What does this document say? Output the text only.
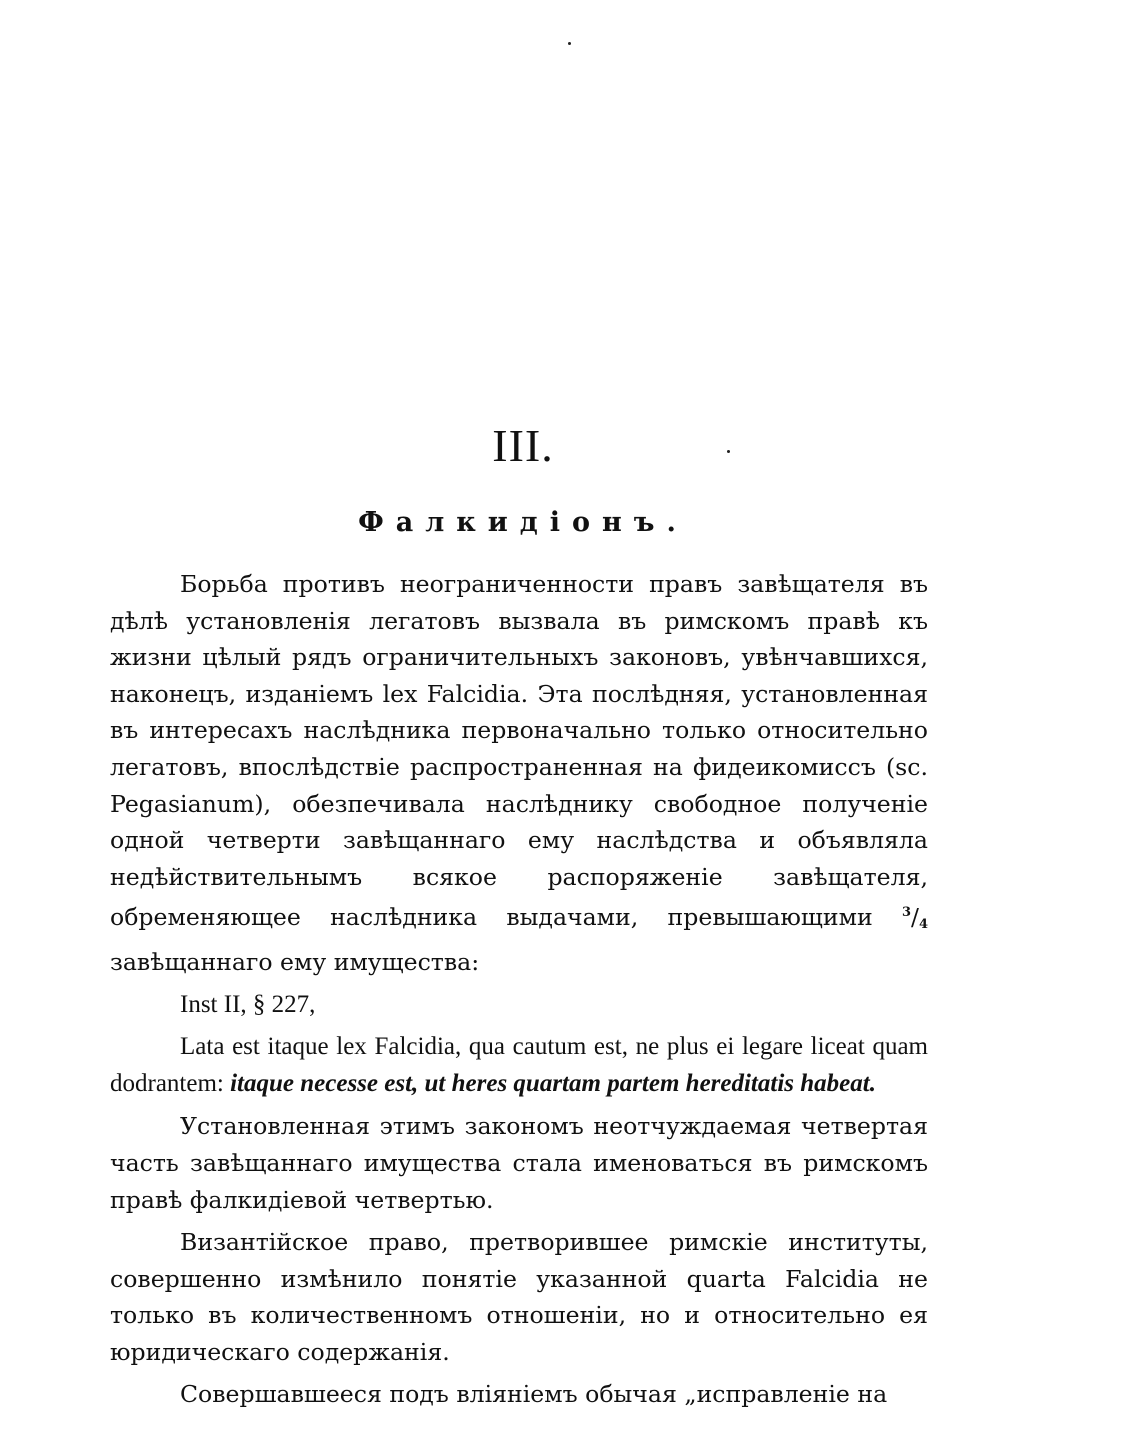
III.
Фалкидіонъ.

Борьба противъ неограниченности правъ завѣщателя въ дѣлѣ установленія легатовъ вызвала въ римскомъ правѣ къ жизни цѣлый рядъ ограничительныхъ законовъ, увѣнчавшихся, наконецъ, изданіемъ lex Falcidia. Эта послѣдняя, установленная въ интересахъ наслѣдника первоначально только относительно легатовъ, впослѣдствіе распространенная на фидеикомиссъ (sc. Pegasianum), обезпечивала наслѣднику свободное полученіе одной четверти завѣщаннаго ему наслѣдства и объявляла недѣйствительнымъ всякое распоряженіе завѣщателя, обременяющее наслѣдника выдачами, превышающими $^3/_4$ завѣщаннаго ему имущества:

Inst II, § 227,

Lata est itaque lex Falcidia, qua cautum est, ne plus ei legare liceat quam dodrantem: itaque necesse est, ut heres quartam partem hereditatis habeat.

Установленная этимъ закономъ неотчуждаемая четвертая часть завѣщаннаго имущества стала именоваться въ римскомъ правѣ фалкидіевой четвертью.

Византійское право, претворившее римскіе институты, совершенно измѣнило понятіе указанной quarta Falcidia не только въ количественномъ отношеніи, но и относительно ея юридическаго содержанія.

Совершавшееся подъ вліяніемъ обычая „исправленіе на
